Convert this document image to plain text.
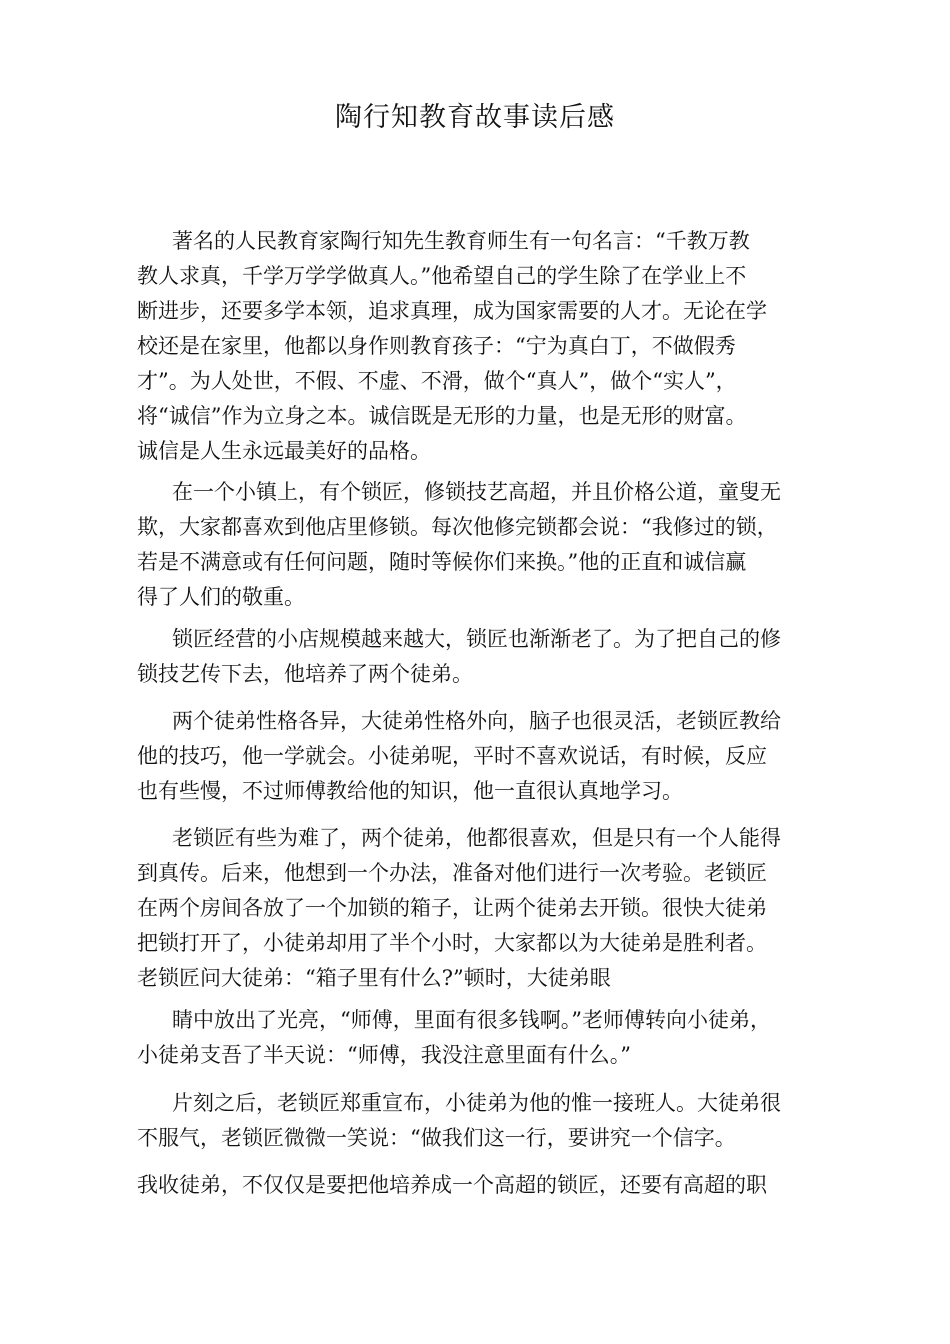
陶行知教育故事读后感
著名的人民教育家陶行知先生教育师生有一句名言：“千教万教
教人求真，千学万学学做真人。”他希望自己的学生除了在学业上不
断进步，还要多学本领，追求真理，成为国家需要的人才。无论在学
校还是在家里，他都以身作则教育孩子：“宁为真白丁，不做假秀
才”。为人处世，不假、不虚、不滑，做个“真人”，做个“实人”，
将“诚信”作为立身之本。诚信既是无形的力量，也是无形的财富。
诚信是人生永远最美好的品格。
在一个小镇上，有个锁匠，修锁技艺高超，并且价格公道，童叟无
欺，大家都喜欢到他店里修锁。每次他修完锁都会说：“我修过的锁，
若是不满意或有任何问题，随时等候你们来换。”他的正直和诚信赢
得了人们的敬重。
锁匠经营的小店规模越来越大，锁匠也渐渐老了。为了把自己的修
锁技艺传下去，他培养了两个徒弟。
两个徒弟性格各异，大徒弟性格外向，脑子也很灵活，老锁匠教给
他的技巧，他一学就会。小徒弟呢，平时不喜欢说话，有时候，反应
也有些慢，不过师傅教给他的知识，他一直很认真地学习。
老锁匠有些为难了，两个徒弟，他都很喜欢，但是只有一个人能得
到真传。后来，他想到一个办法，准备对他们进行一次考验。老锁匠
在两个房间各放了一个加锁的箱子，让两个徒弟去开锁。很快大徒弟
把锁打开了，小徒弟却用了半个小时，大家都以为大徒弟是胜利者。
老锁匠问大徒弟：“箱子里有什么?”顿时，大徒弟眼
睛中放出了光亮，“师傅，里面有很多钱啊。”老师傅转向小徒弟，
小徒弟支吾了半天说：“师傅，我没注意里面有什么。”
片刻之后，老锁匠郑重宣布，小徒弟为他的惟一接班人。大徒弟很
不服气，老锁匠微微一笑说：“做我们这一行，要讲究一个信字。
我收徒弟，不仅仅是要把他培养成一个高超的锁匠，还要有高超的职
